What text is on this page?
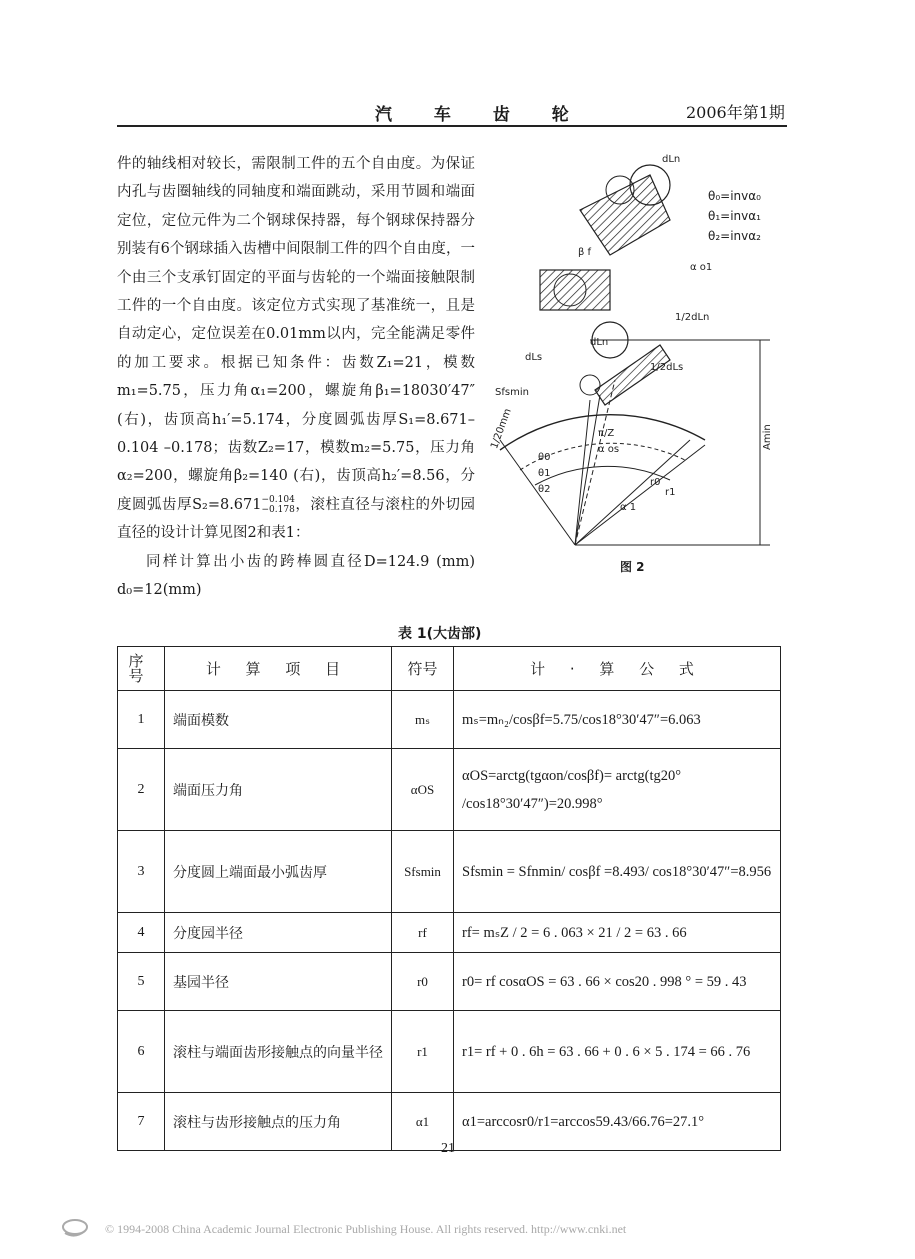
汽 车 齿 轮	2006年第1期

件的轴线相对较长，需限制工件的五个自由度。为保证内孔与齿圈轴线的同轴度和端面跳动，采用节圆和端面定位，定位元件为二个钢球保持器，每个钢球保持器分别装有6个钢球插入齿槽中间限制工件的四个自由度，一个由三个支承钉固定的平面与齿轮的一个端面接触限制工件的一个自由度。该定位方式实现了基准统一，且是自动定心，定位误差在0.01mm以内，完全能满足零件的加工要求。根据已知条件：齿数Z₁=21，模数m₁=5.75，压力角α₁=200，螺旋角β₁=18030′47″(右)，齿顶高h₁′=5.174，分度圆弧齿厚S₁=8.671–0.104 –0.178；齿数Z₂=17，模数m₂=5.75，压力角α₂=200，螺旋角β₂=140 (右)，齿顶高h₂′=8.56，分度圆弧齿厚S₂=8.671−0.104
−0.178，滚柱直径与滚柱的外切园直径的设计计算见图2和表1：

同样计算出小齿的跨棒圆直径D=124.9 (mm) d₀=12(mm)

dLn
θ₀=invα₀
θ₁=invα₁
θ₂=invα₂
β f
α o1
1/2dLn
dLn
dLs
1/2dLs
Sfsmin
1/20mm	π/Z
α os
θ0
θ1
θ2
r0
r1
α 1
Amin
图 2
表 1(大齿部)
序号	计 算 项 目	符号	计 · 算 公 式
1	端面模数	mₛ	mₛ=mₙ₂/cosβf=5.75/cos18°30′47″=6.063
2	端面压力角	αOS	αOS=arctg(tgαon/cosβf)= arctg(tg20° /cos18°30′47″)=20.998°
3	分度圆上端面最小弧齿厚	Sfsmin	Sfsmin = Sfnmin/ cosβf =8.493/ cos18°30′47″=8.956
4	分度园半径	rf	rf= mₛZ / 2 = 6 . 063 × 21 / 2 = 63 . 66
5	基园半径	r0	r0= rf cosαOS = 63 . 66 × cos20 . 998 ° = 59 . 43
6	滚柱与端面齿形接触点的向量半径	r1	r1= rf + 0 . 6h = 63 . 66 + 0 . 6 × 5 . 174 = 66 . 76
7	滚柱与齿形接触点的压力角	α1	α1=arccosr0/r1=arccos59.43/66.76=27.1°
21
© 1994-2008 China Academic Journal Electronic Publishing House. All rights reserved. http://www.cnki.net
